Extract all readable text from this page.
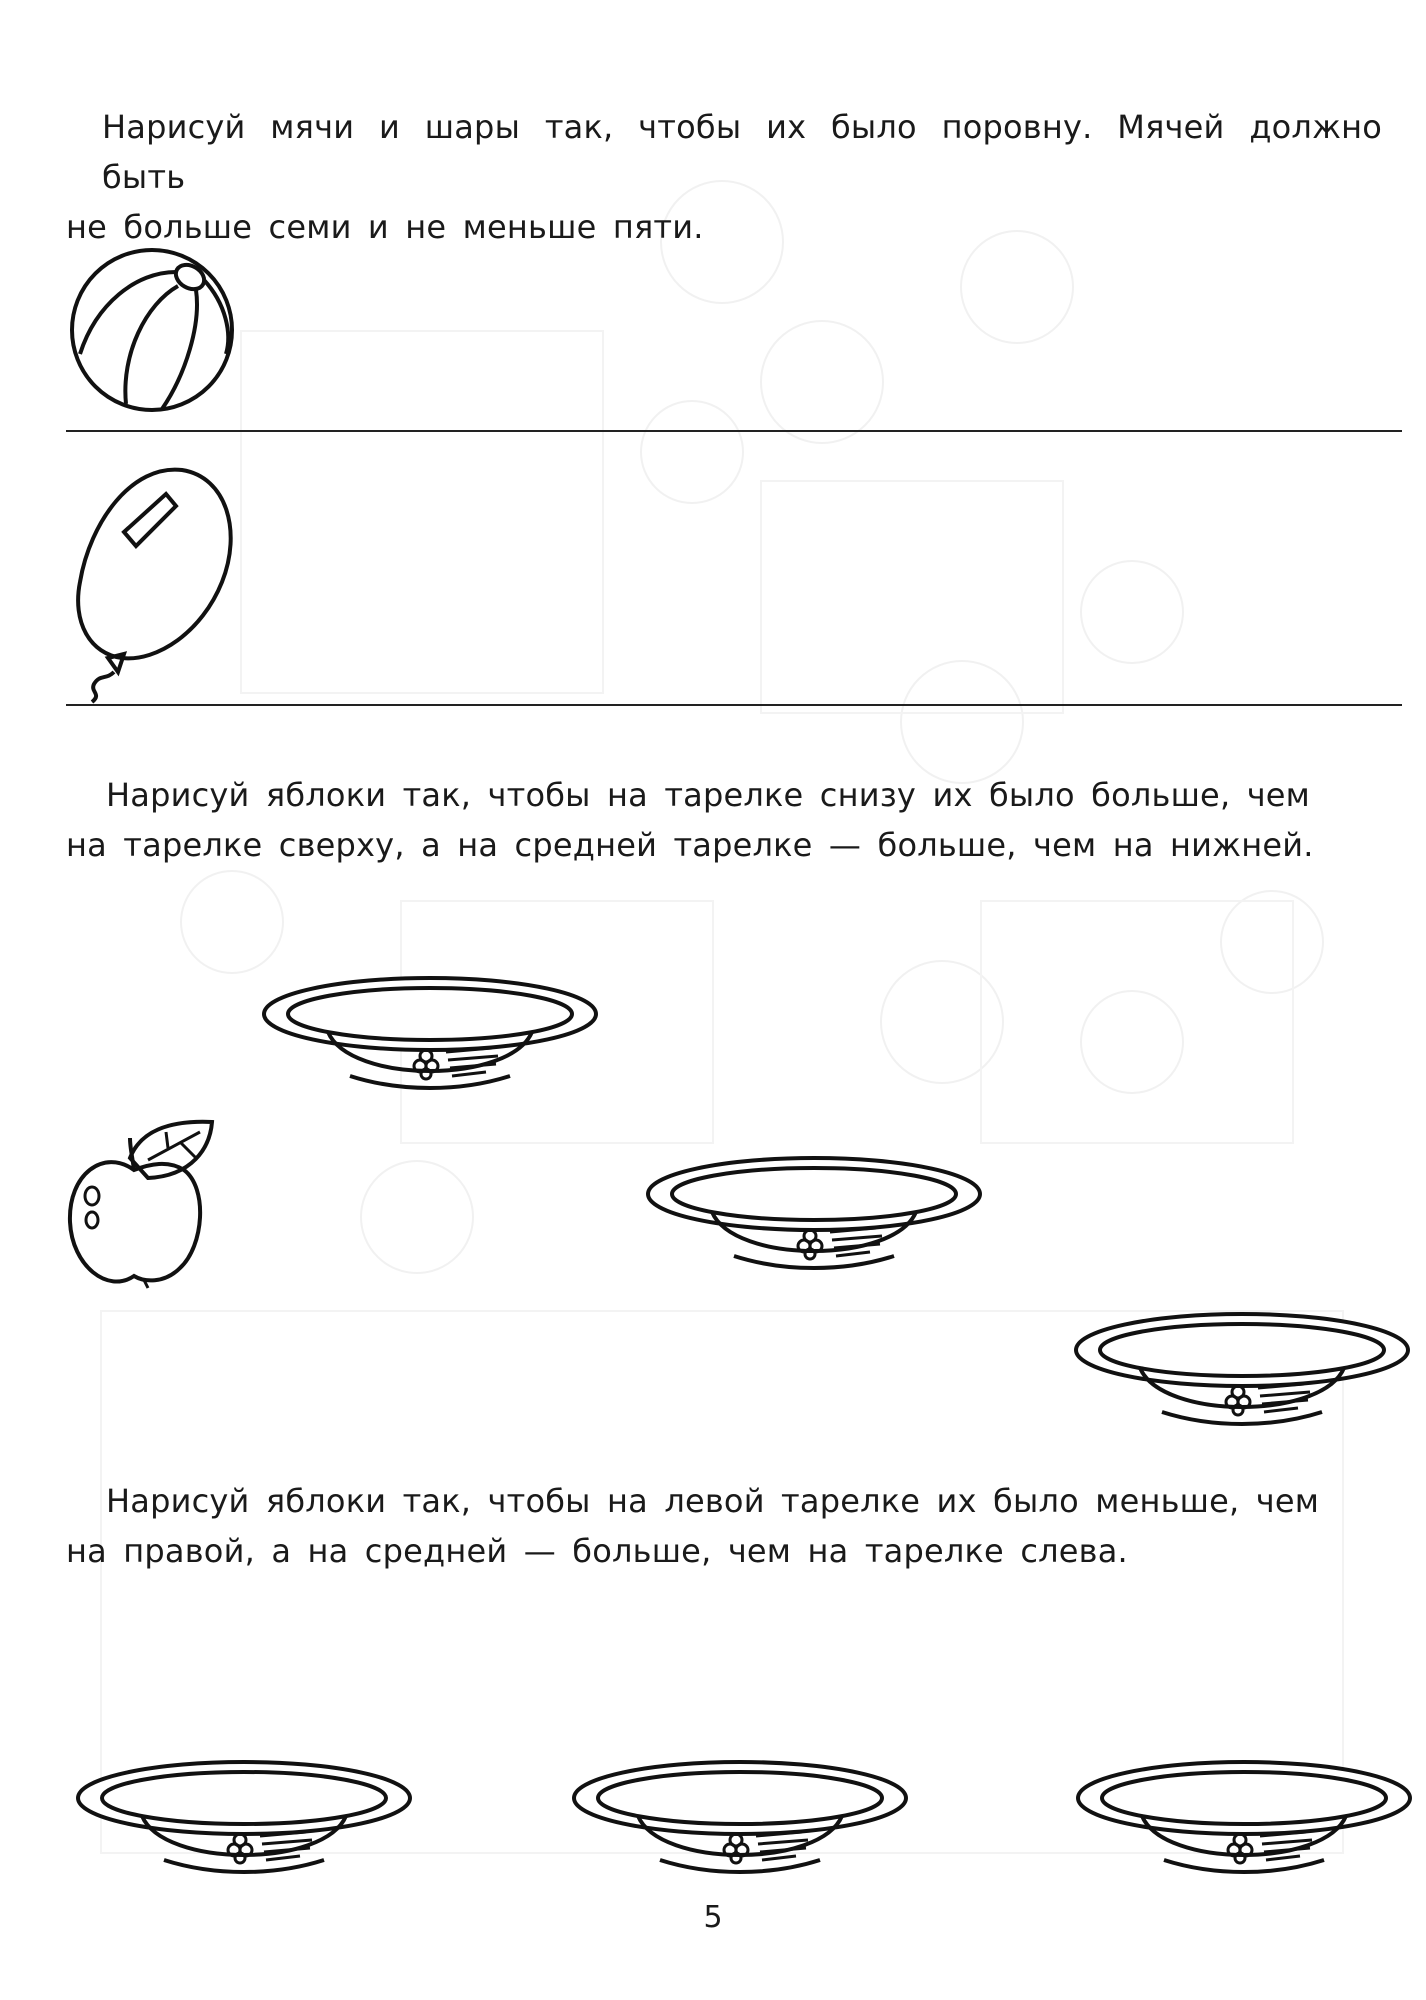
Нарисуй мячи и шары так, чтобы их было поровну. Мячей должно быть
не больше семи и не меньше пяти.
Нарисуй яблоки так, чтобы на тарелке снизу их было больше, чем
на тарелке сверху, а на средней тарелке — больше, чем на нижней.
Нарисуй яблоки так, чтобы на левой тарелке их было меньше, чем
на правой, а на средней — больше, чем на тарелке слева.
5
